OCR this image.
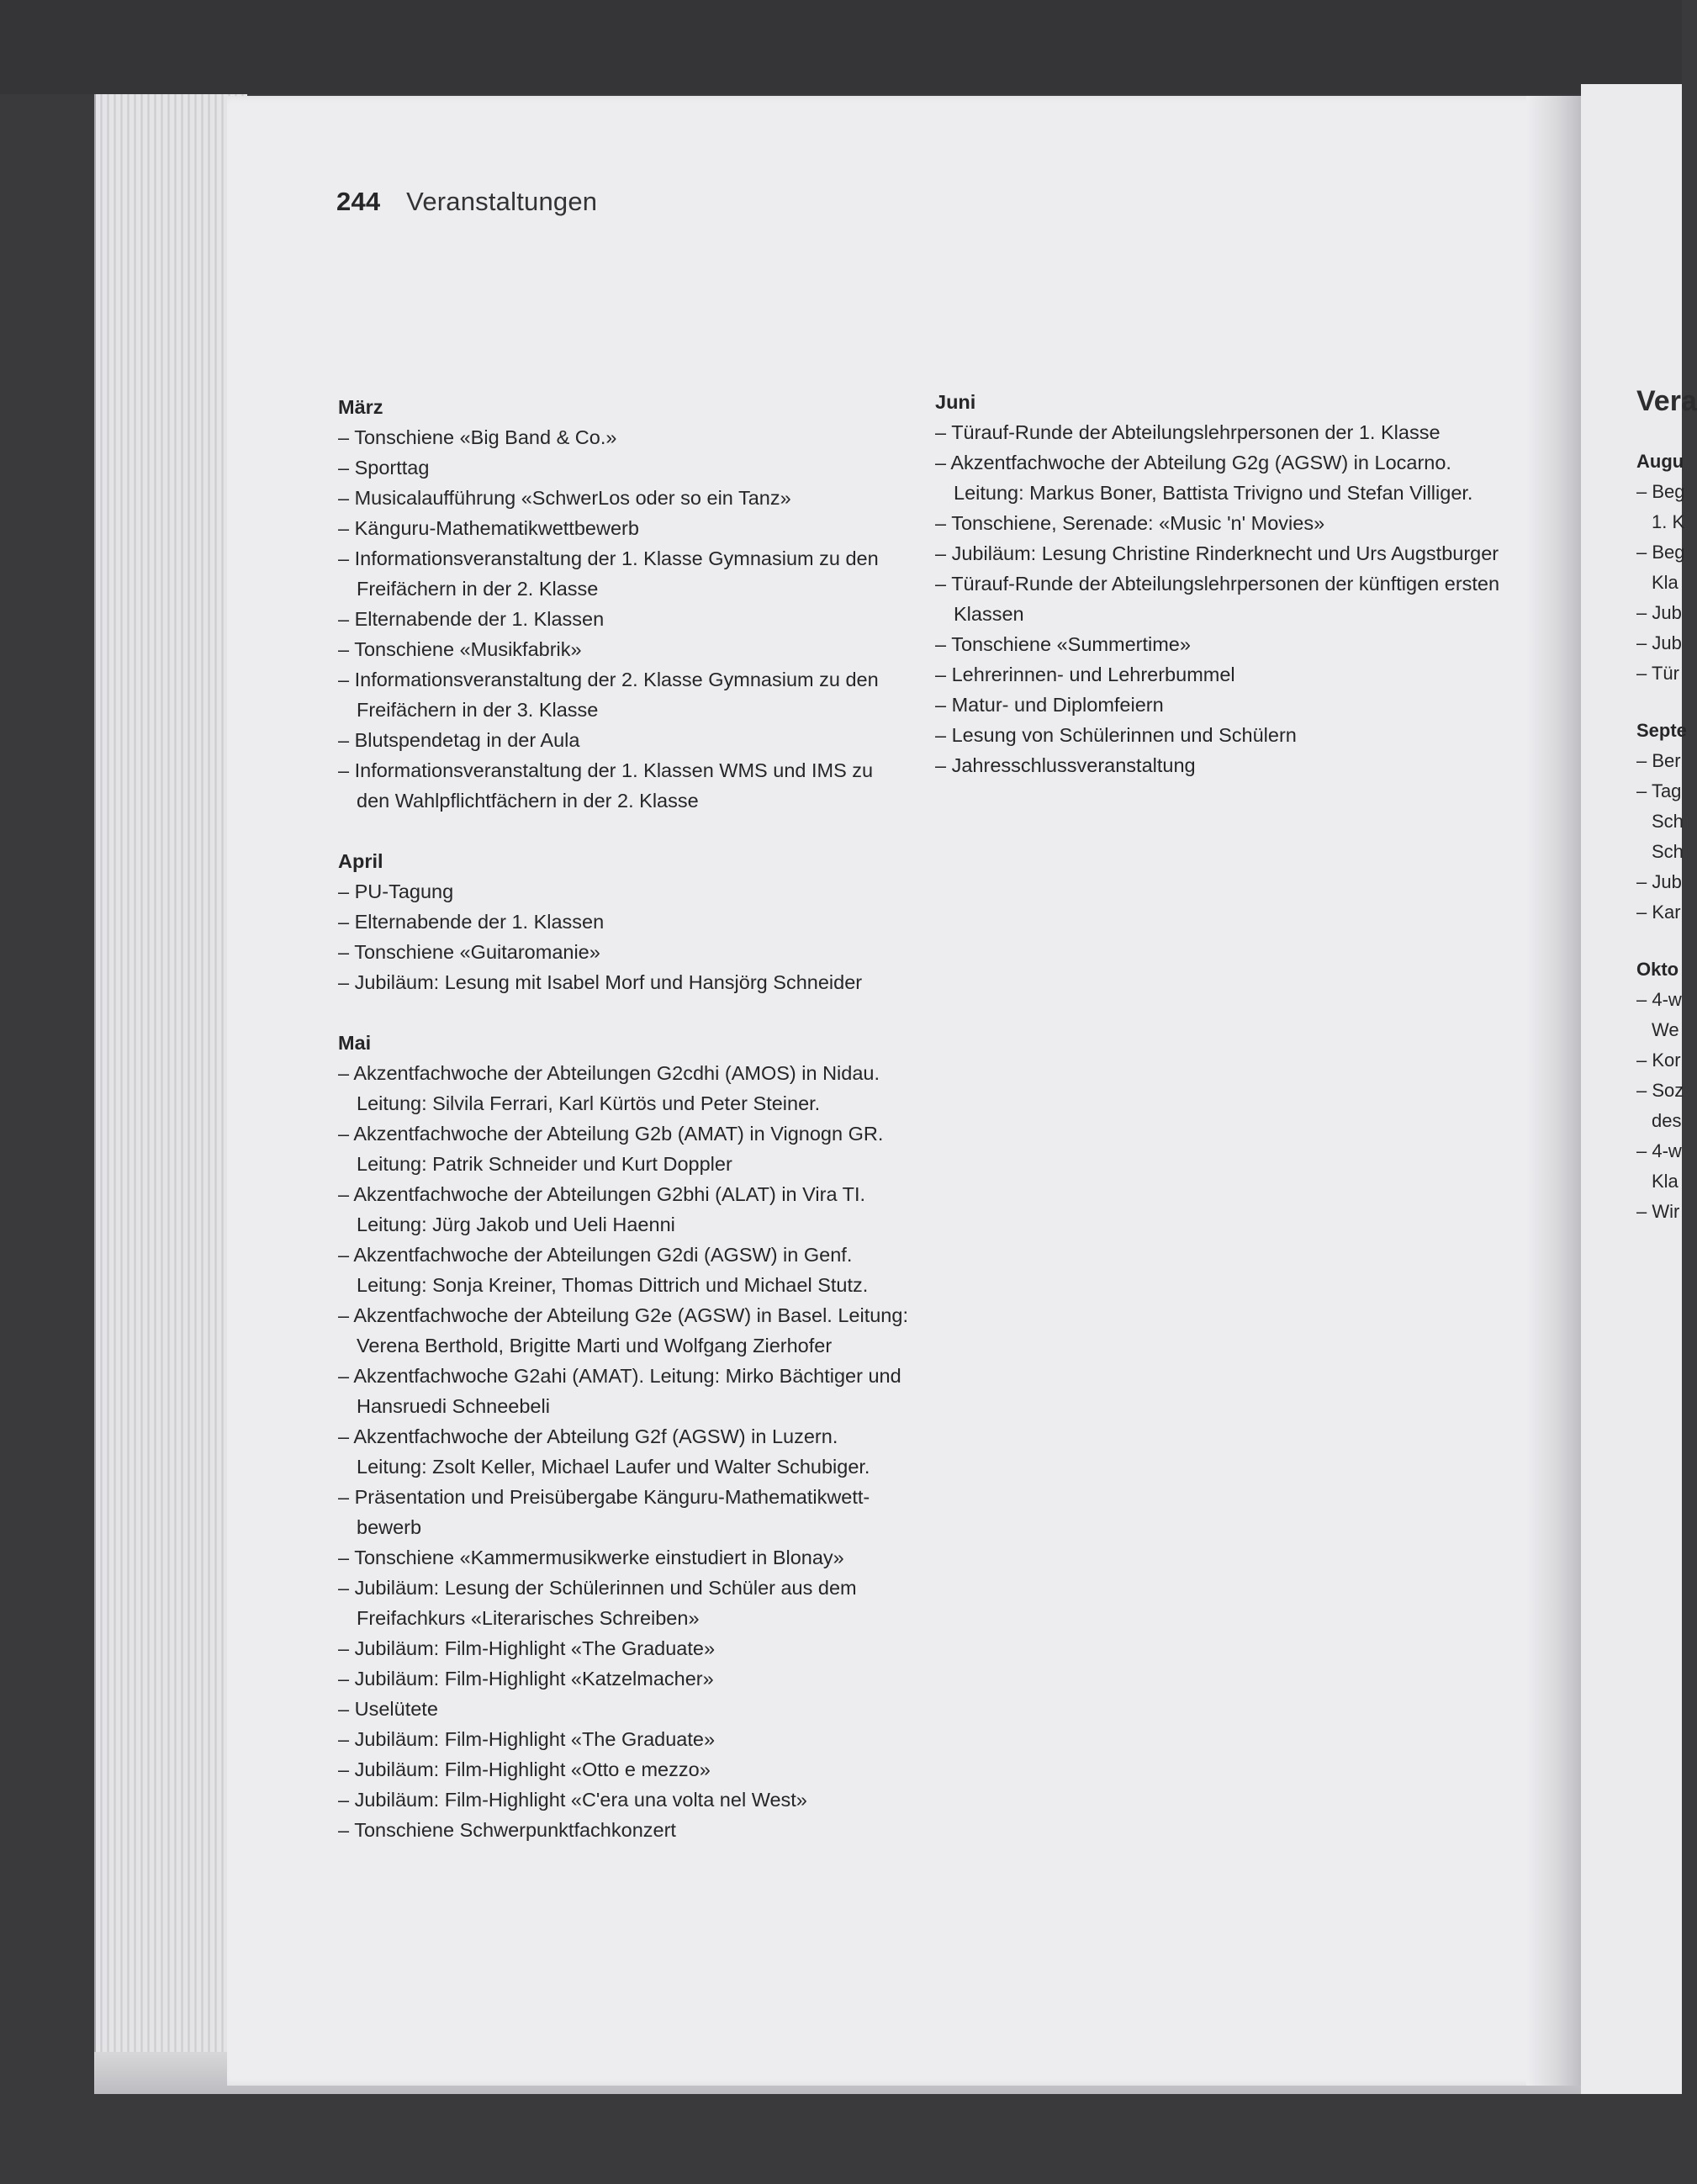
244 Veranstaltungen
März
– Tonschiene «Big Band & Co.»
– Sporttag
– Musicalaufführung «SchwerLos oder so ein Tanz»
– Känguru-Mathematikwettbewerb
– Informationsveranstaltung der 1. Klasse Gymnasium zu den Freifächern in der 2. Klasse
– Elternabende der 1. Klassen
– Tonschiene «Musikfabrik»
– Informationsveranstaltung der 2. Klasse Gymnasium zu den Freifächern in der 3. Klasse
– Blutspendetag in der Aula
– Informationsveranstaltung der 1. Klassen WMS und IMS zu den Wahlpflichtfächern in der 2. Klasse
April
– PU-Tagung
– Elternabende der 1. Klassen
– Tonschiene «Guitaromanie»
– Jubiläum: Lesung mit Isabel Morf und Hansjörg Schneider
Mai
– Akzentfachwoche der Abteilungen G2cdhi (AMOS) in Nidau. Leitung: Silvila Ferrari, Karl Kürtös und Peter Steiner.
– Akzentfachwoche der Abteilung G2b (AMAT) in Vignogn GR. Leitung: Patrik Schneider und Kurt Doppler
– Akzentfachwoche der Abteilungen G2bhi (ALAT) in Vira TI. Leitung: Jürg Jakob und Ueli Haenni
– Akzentfachwoche der Abteilungen G2di (AGSW) in Genf. Leitung: Sonja Kreiner, Thomas Dittrich und Michael Stutz.
– Akzentfachwoche der Abteilung G2e (AGSW) in Basel. Leitung: Verena Berthold, Brigitte Marti und Wolfgang Zierhofer
– Akzentfachwoche G2ahi (AMAT). Leitung: Mirko Bächtiger und Hansruedi Schneebeli
– Akzentfachwoche der Abteilung G2f (AGSW) in Luzern. Leitung: Zsolt Keller, Michael Laufer und Walter Schubiger.
– Präsentation und Preisübergabe Känguru-Mathematikwett-bewerb
– Tonschiene «Kammermusikwerke einstudiert in Blonay»
– Jubiläum: Lesung der Schülerinnen und Schüler aus dem Freifachkurs «Literarisches Schreiben»
– Jubiläum: Film-Highlight «The Graduate»
– Jubiläum: Film-Highlight «Katzelmacher»
– Uselütete
– Jubiläum: Film-Highlight «The Graduate»
– Jubiläum: Film-Highlight «Otto e mezzo»
– Jubiläum: Film-Highlight «C'era una volta nel West»
– Tonschiene Schwerpunktfachkonzert
Juni
– Türauf-Runde der Abteilungslehrpersonen der 1. Klasse
– Akzentfachwoche der Abteilung G2g (AGSW) in Locarno. Leitung: Markus Boner, Battista Trivigno und Stefan Villiger.
– Tonschiene, Serenade: «Music 'n' Movies»
– Jubiläum: Lesung Christine Rinderknecht und Urs Augstburger
– Türauf-Runde der Abteilungslehrpersonen der künftigen ersten Klassen
– Tonschiene «Summertime»
– Lehrerinnen- und Lehrerbummel
– Matur- und Diplomfeiern
– Lesung von Schülerinnen und Schülern
– Jahresschlussveranstaltung
Vera
Augu
– Beg
1. K
– Beg
Kla
– Jub
– Jub
– Tür
Septe
– Ber
– Tag
Sch
Sch
– Jub
– Kar
Okto
– 4-w
We
– Kor
– Soz
des
– 4-w
Kla
– Wir
